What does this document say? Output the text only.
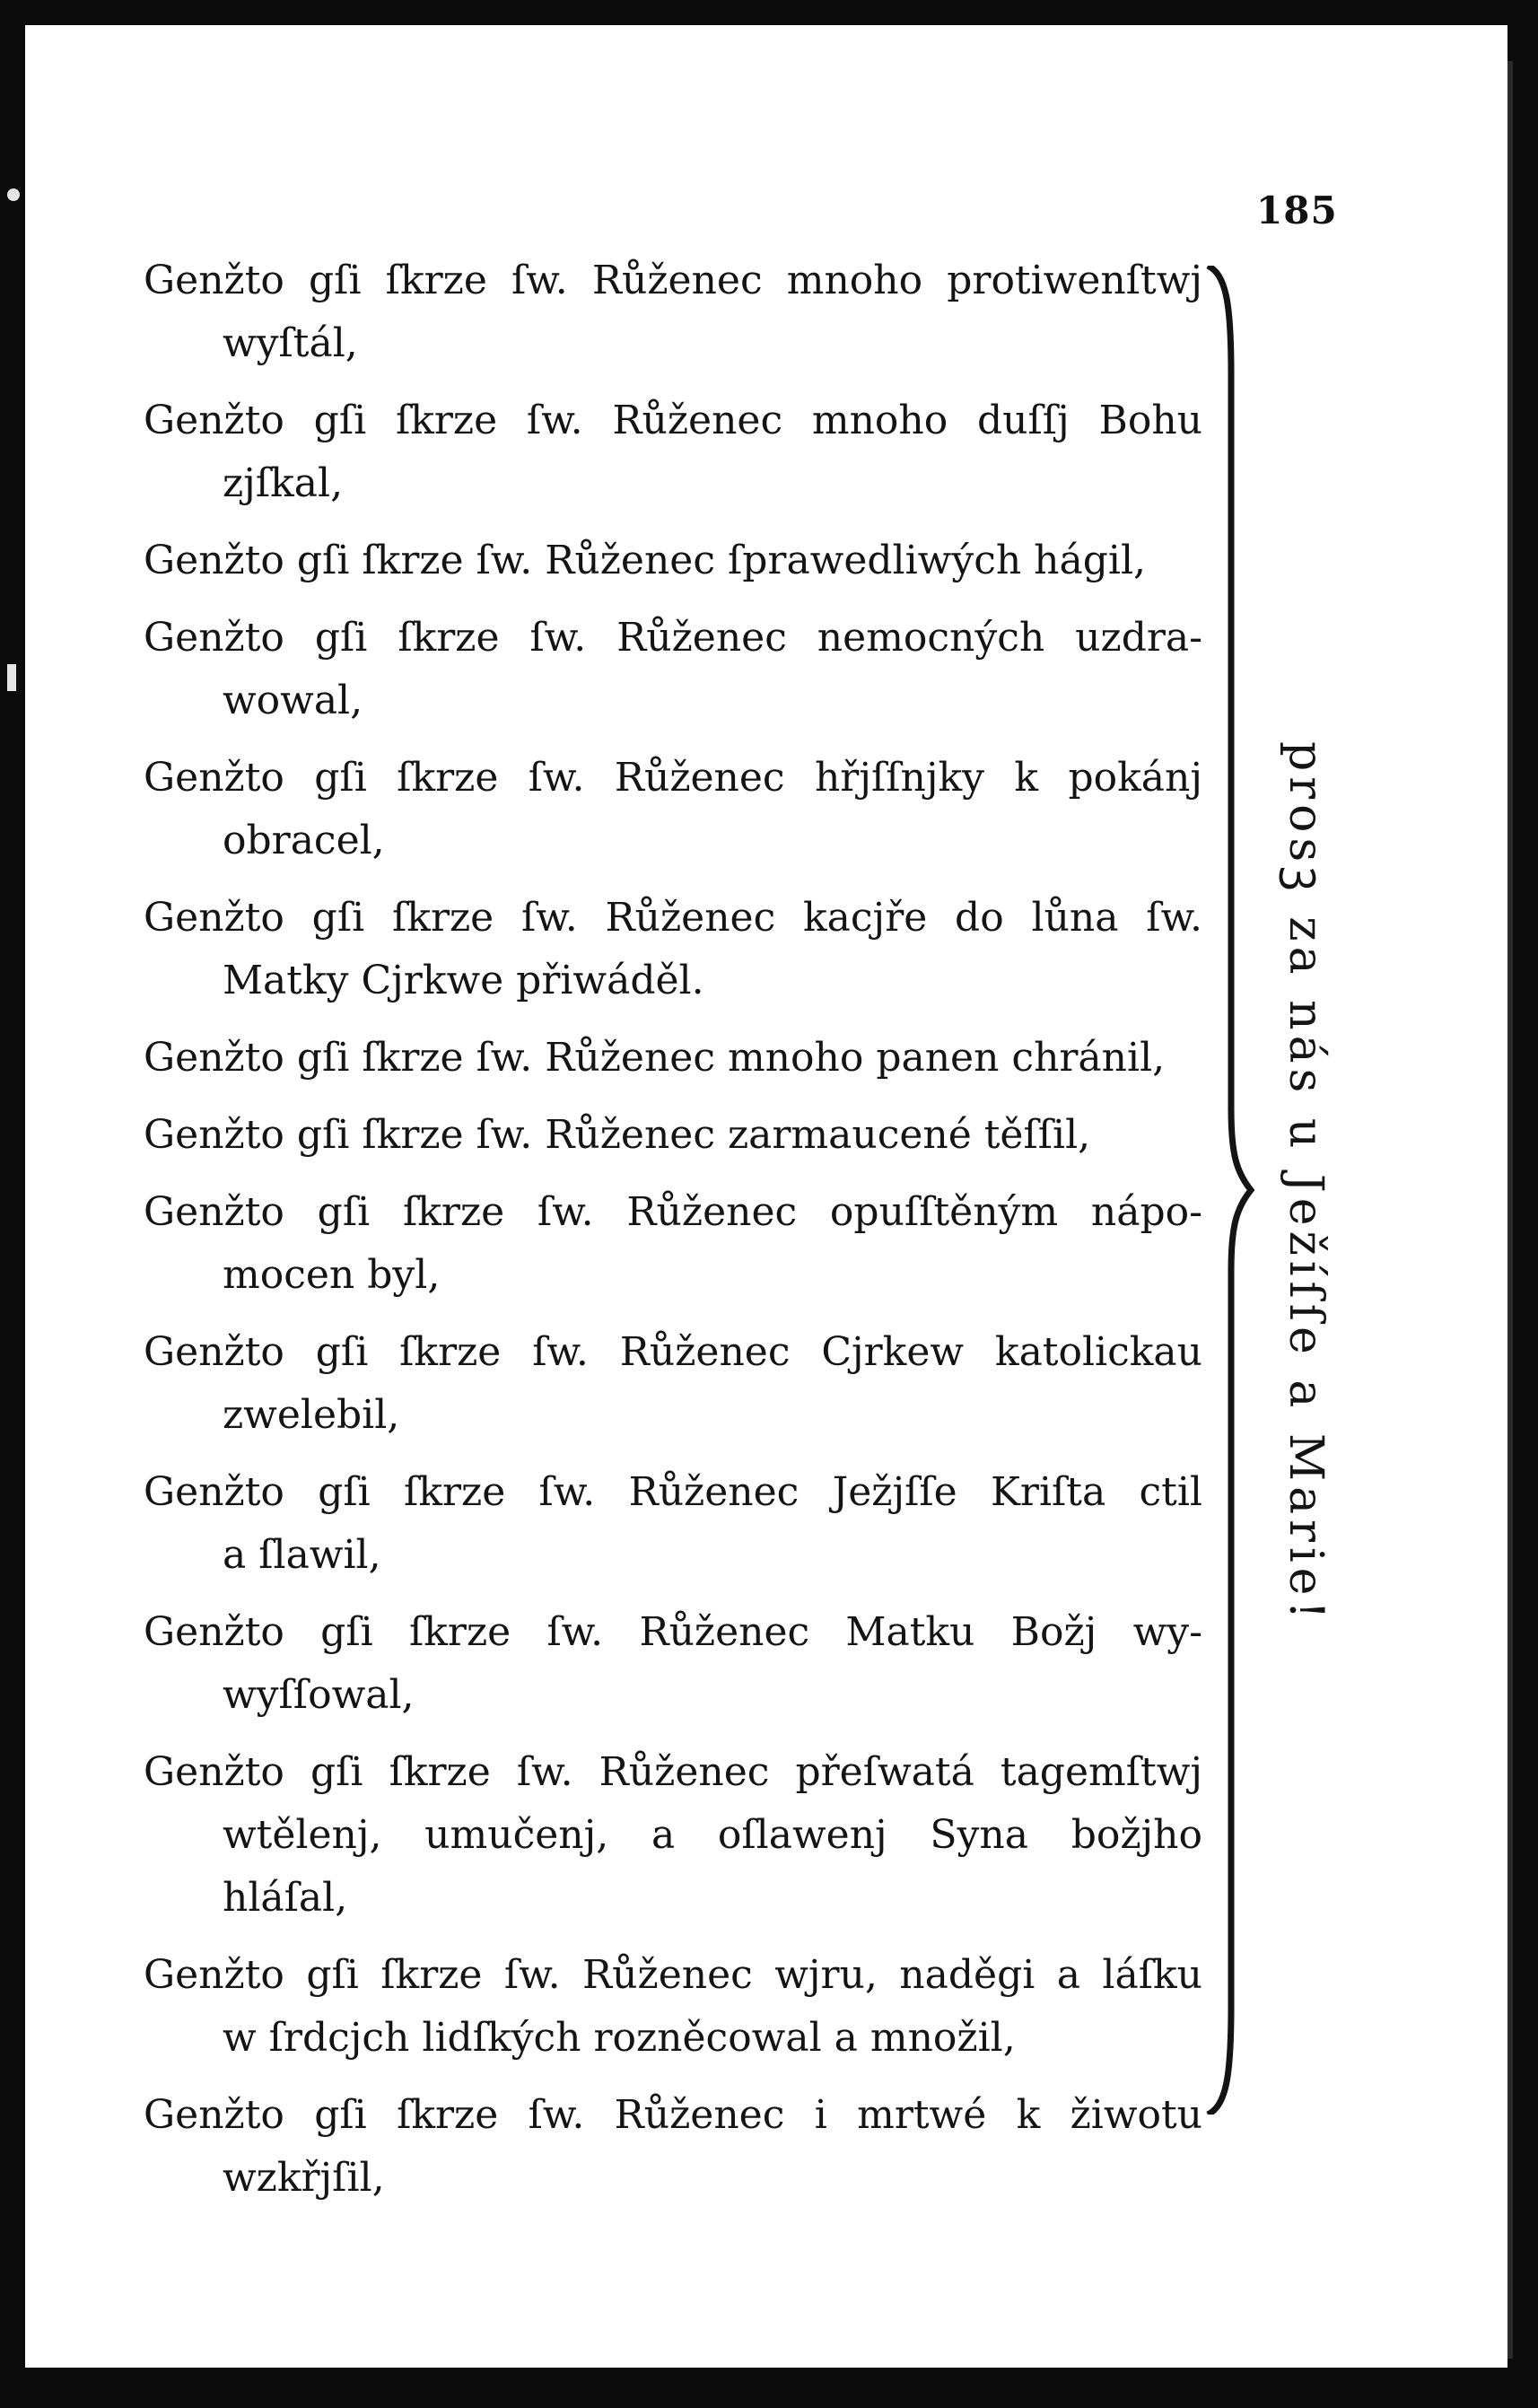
185
Genžto gſi ſkrze ſw. Růženec mnoho protiwenſtwj
wyſtál,
Genžto gſi ſkrze ſw. Růženec mnoho duſſj Bohu
zjſkal,
Genžto gſi ſkrze ſw. Růženec ſprawedliwých hágil,
Genžto gſi ſkrze ſw. Růženec nemocných uzdra-
wowal,
Genžto gſi ſkrze ſw. Růženec hřjſſnjky k pokánj
obracel,
Genžto gſi ſkrze ſw. Růženec kacjře do lůna ſw.
Matky Cjrkwe přiwáděl.
Genžto gſi ſkrze ſw. Růženec mnoho panen chránil,
Genžto gſi ſkrze ſw. Růženec zarmaucené těſſil,
Genžto gſi ſkrze ſw. Růženec opuſſtěným nápo-
mocen byl,
Genžto gſi ſkrze ſw. Růženec Cjrkew katolickau
zwelebil,
Genžto gſi ſkrze ſw. Růženec Ježjſſe Kriſta ctil
a ſlawil,
Genžto gſi ſkrze ſw. Růženec Matku Božj wy-
wyſſowal,
Genžto gſi ſkrze ſw. Růženec přeſwatá tagemſtwj
wtělenj, umučenj, a oſlawenj Syna božjho
hláſal,
Genžto gſi ſkrze ſw. Růženec wjru, naděgi a láſku
w ſrdcjch lidſkých rozněcowal a množil,
Genžto gſi ſkrze ſw. Růženec i mrtwé k žiwotu
wzkřjſil,
prosꝫ za nás u Ježíſſe a Marie!
